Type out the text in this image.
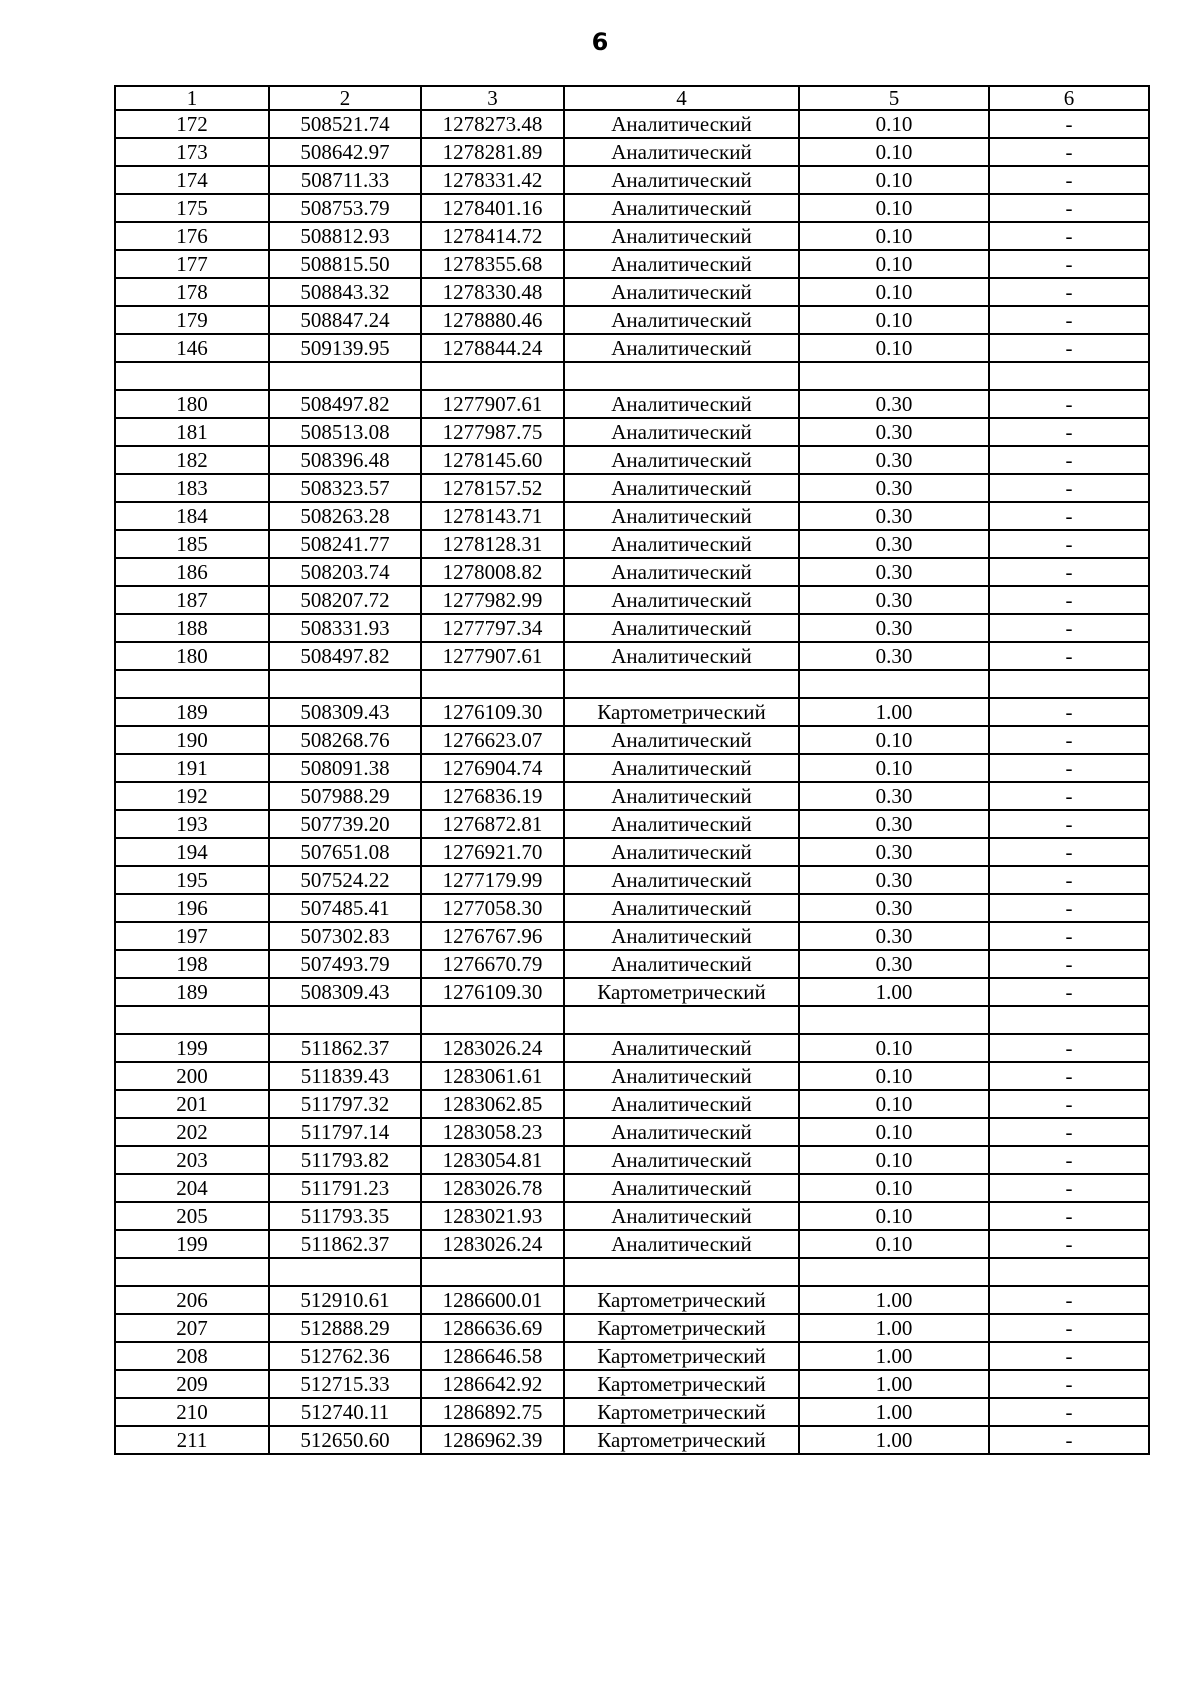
6
1	2	3	4	5	6
172	508521.74	1278273.48	Аналитический	0.10	-
173	508642.97	1278281.89	Аналитический	0.10	-
174	508711.33	1278331.42	Аналитический	0.10	-
175	508753.79	1278401.16	Аналитический	0.10	-
176	508812.93	1278414.72	Аналитический	0.10	-
177	508815.50	1278355.68	Аналитический	0.10	-
178	508843.32	1278330.48	Аналитический	0.10	-
179	508847.24	1278880.46	Аналитический	0.10	-
146	509139.95	1278844.24	Аналитический	0.10	-

180	508497.82	1277907.61	Аналитический	0.30	-
181	508513.08	1277987.75	Аналитический	0.30	-
182	508396.48	1278145.60	Аналитический	0.30	-
183	508323.57	1278157.52	Аналитический	0.30	-
184	508263.28	1278143.71	Аналитический	0.30	-
185	508241.77	1278128.31	Аналитический	0.30	-
186	508203.74	1278008.82	Аналитический	0.30	-
187	508207.72	1277982.99	Аналитический	0.30	-
188	508331.93	1277797.34	Аналитический	0.30	-
180	508497.82	1277907.61	Аналитический	0.30	-

189	508309.43	1276109.30	Картометрический	1.00	-
190	508268.76	1276623.07	Аналитический	0.10	-
191	508091.38	1276904.74	Аналитический	0.10	-
192	507988.29	1276836.19	Аналитический	0.30	-
193	507739.20	1276872.81	Аналитический	0.30	-
194	507651.08	1276921.70	Аналитический	0.30	-
195	507524.22	1277179.99	Аналитический	0.30	-
196	507485.41	1277058.30	Аналитический	0.30	-
197	507302.83	1276767.96	Аналитический	0.30	-
198	507493.79	1276670.79	Аналитический	0.30	-
189	508309.43	1276109.30	Картометрический	1.00	-

199	511862.37	1283026.24	Аналитический	0.10	-
200	511839.43	1283061.61	Аналитический	0.10	-
201	511797.32	1283062.85	Аналитический	0.10	-
202	511797.14	1283058.23	Аналитический	0.10	-
203	511793.82	1283054.81	Аналитический	0.10	-
204	511791.23	1283026.78	Аналитический	0.10	-
205	511793.35	1283021.93	Аналитический	0.10	-
199	511862.37	1283026.24	Аналитический	0.10	-

206	512910.61	1286600.01	Картометрический	1.00	-
207	512888.29	1286636.69	Картометрический	1.00	-
208	512762.36	1286646.58	Картометрический	1.00	-
209	512715.33	1286642.92	Картометрический	1.00	-
210	512740.11	1286892.75	Картометрический	1.00	-
211	512650.60	1286962.39	Картометрический	1.00	-
